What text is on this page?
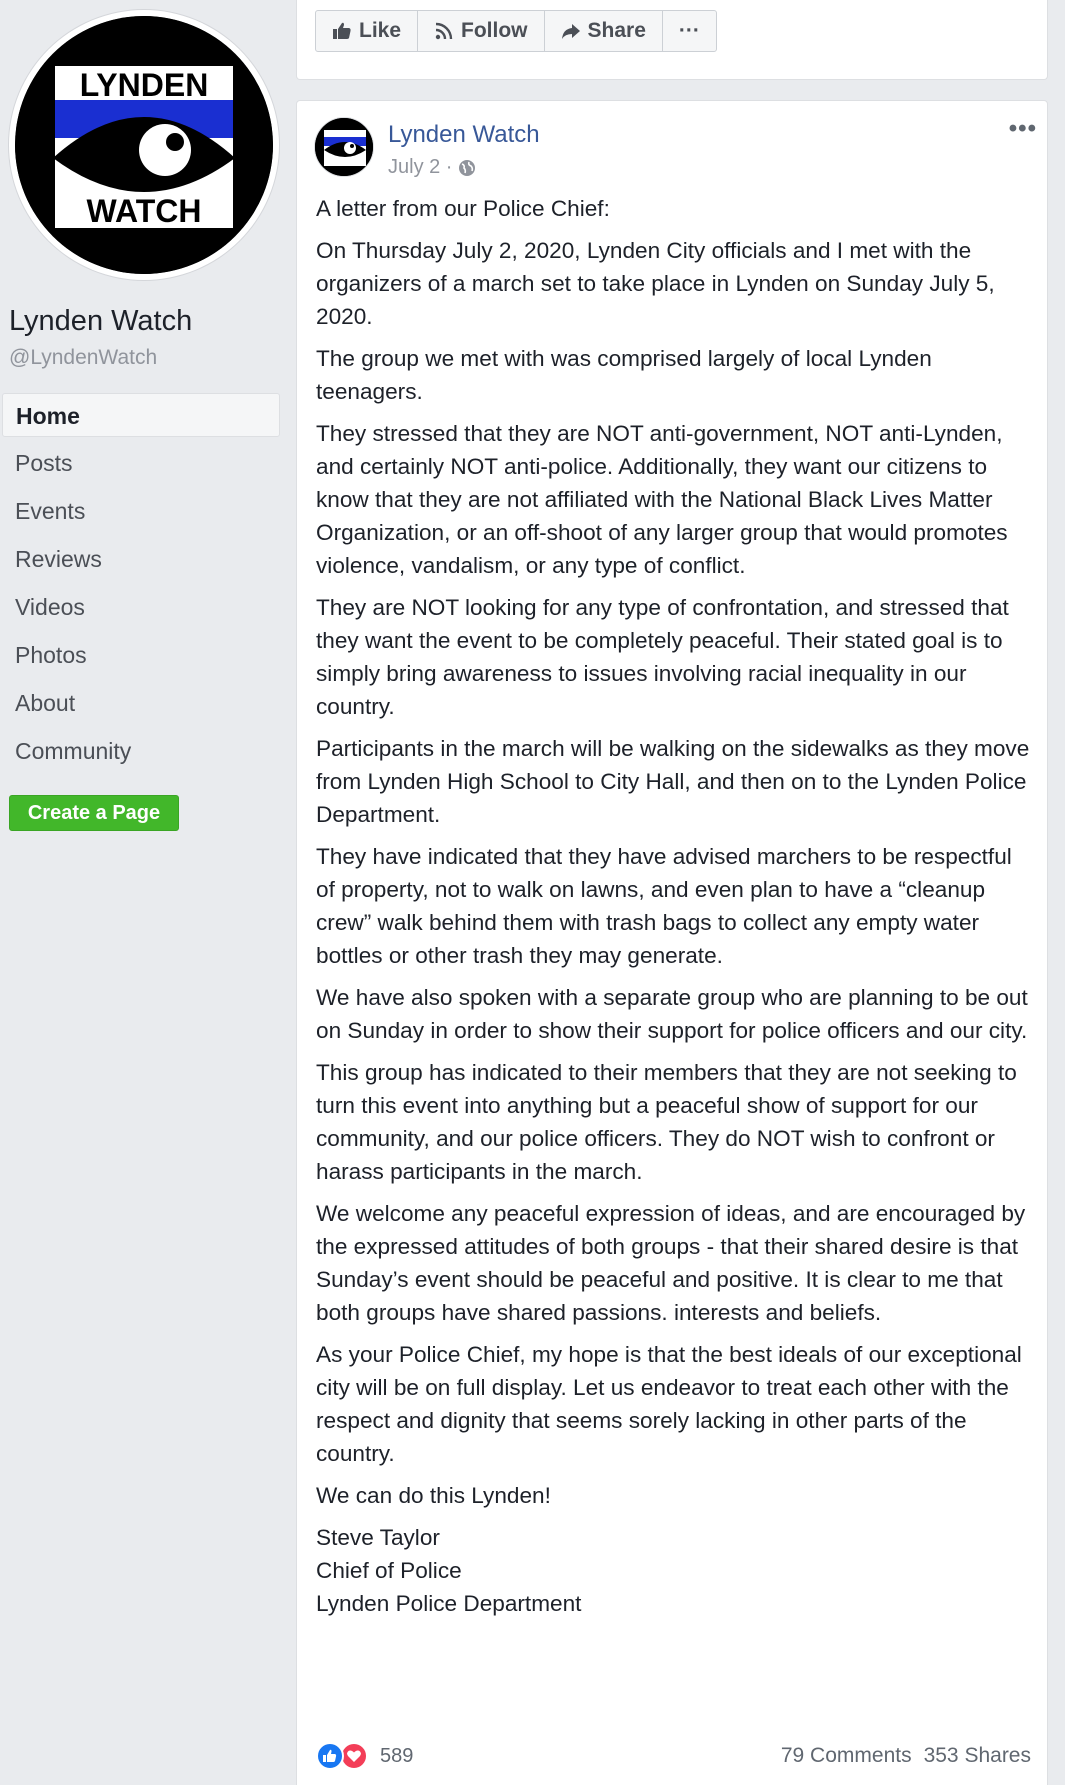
LYNDEN
WATCH
Lynden Watch
@LyndenWatch
Home
Posts
Events
Reviews
Videos
Photos
About
Community
Create a Page
Like	Follow	Share ···
Lynden Watch
July 2 ·
•••

A letter from our Police Chief:

On Thursday July 2, 2020, Lynden City officials and I met with the organizers of a march set to take place in Lynden on Sunday July 5, 2020.

The group we met with was comprised largely of local Lynden teenagers.

They stressed that they are NOT anti-government, NOT anti-Lynden, and certainly NOT anti-police. Additionally, they want our citizens to know that they are not affiliated with the National Black Lives Matter Organization, or an off-shoot of any larger group that would promotes violence, vandalism, or any type of conflict.

They are NOT looking for any type of confrontation, and stressed that they want the event to be completely peaceful. Their stated goal is to simply bring awareness to issues involving racial inequality in our country.

Participants in the march will be walking on the sidewalks as they move from Lynden High School to City Hall, and then on to the Lynden Police Department.

They have indicated that they have advised marchers to be respectful of property, not to walk on lawns, and even plan to have a “cleanup crew” walk behind them with trash bags to collect any empty water bottles or other trash they may generate.

We have also spoken with a separate group who are planning to be out on Sunday in order to show their support for police officers and our city.

This group has indicated to their members that they are not seeking to turn this event into anything but a peaceful show of support for our community, and our police officers. They do NOT wish to confront or harass participants in the march.

We welcome any peaceful expression of ideas, and are encouraged by the expressed attitudes of both groups - that their shared desire is that Sunday’s event should be peaceful and positive. It is clear to me that both groups have shared passions. interests and beliefs.

As your Police Chief, my hope is that the best ideals of our exceptional city will be on full display. Let us endeavor to treat each other with the respect and dignity that seems sorely lacking in other parts of the country.

We can do this Lynden!

Steve Taylor

Chief of Police

Lynden Police Department

589	79 Comments 353 Shares
